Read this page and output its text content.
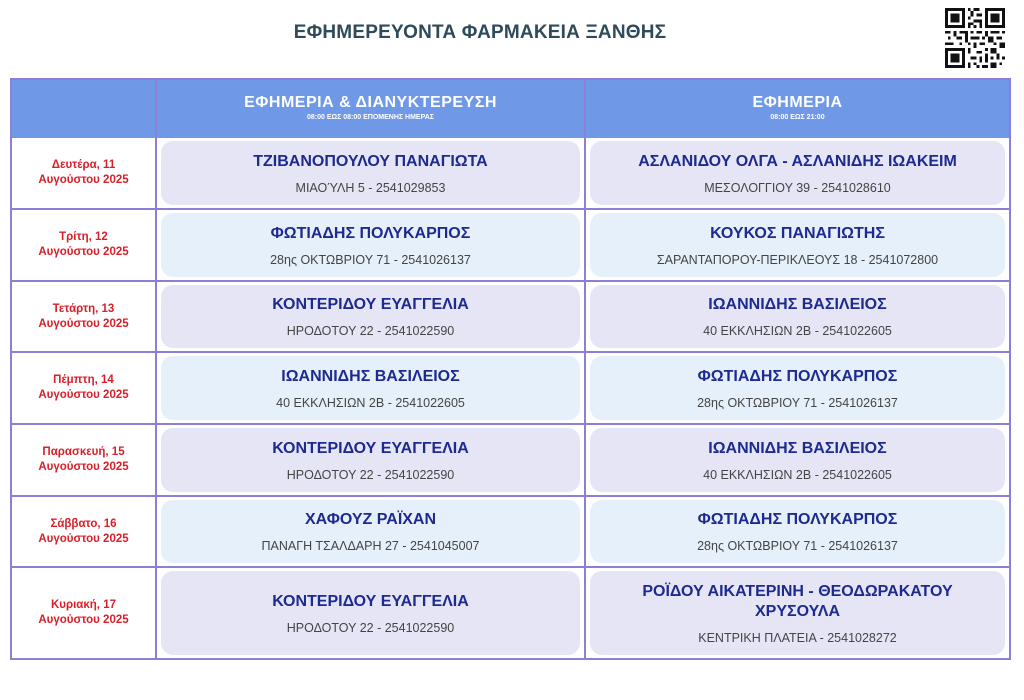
ΕΦΗΜΕΡΕΥΟΝΤΑ ΦΑΡΜΑΚΕΙΑ ΞΑΝΘΗΣ
ΕΦΗΜΕΡΙΑ & ΔΙΑΝΥΚΤΕΡΕΥΣΗ
08:00 ΕΩΣ 08:00 ΕΠΟΜΕΝΗΣ ΗΜΕΡΑΣ
ΕΦΗΜΕΡΙΑ
08:00 ΕΩΣ 21:00
Δευτέρα, 11
Αυγούστου 2025
ΤΖΙΒΑΝΟΠΟΥΛΟΥ ΠΑΝΑΓΙΩΤΑ
ΜΙΑΟΎΛΗ 5 - 2541029853
ΑΣΛΑΝΙΔΟΥ ΟΛΓΑ - ΑΣΛΑΝΙΔΗΣ ΙΩΑΚΕΙΜ
ΜΕΣΟΛΟΓΓΙΟΥ 39 - 2541028610
Τρίτη, 12
Αυγούστου 2025
ΦΩΤΙΑΔΗΣ ΠΟΛΥΚΑΡΠΟΣ
28ης ΟΚΤΩΒΡΙΟΥ 71 - 2541026137
ΚΟΥΚΟΣ ΠΑΝΑΓΙΩΤΗΣ
ΣΑΡΑΝΤΑΠΟΡΟΥ-ΠΕΡΙΚΛΕΟΥΣ 18 - 2541072800
Τετάρτη, 13
Αυγούστου 2025
ΚΟΝΤΕΡΙΔΟΥ ΕΥΑΓΓΕΛΙΑ
ΗΡΟΔΟΤΟΥ 22 - 2541022590
ΙΩΑΝΝΙΔΗΣ ΒΑΣΙΛΕΙΟΣ
40 ΕΚΚΛΗΣΙΩΝ 2Β - 2541022605
Πέμπτη, 14
Αυγούστου 2025
ΙΩΑΝΝΙΔΗΣ ΒΑΣΙΛΕΙΟΣ
40 ΕΚΚΛΗΣΙΩΝ 2Β - 2541022605
ΦΩΤΙΑΔΗΣ ΠΟΛΥΚΑΡΠΟΣ
28ης ΟΚΤΩΒΡΙΟΥ 71 - 2541026137
Παρασκευή, 15
Αυγούστου 2025
ΚΟΝΤΕΡΙΔΟΥ ΕΥΑΓΓΕΛΙΑ
ΗΡΟΔΟΤΟΥ 22 - 2541022590
ΙΩΑΝΝΙΔΗΣ ΒΑΣΙΛΕΙΟΣ
40 ΕΚΚΛΗΣΙΩΝ 2Β - 2541022605
Σάββατο, 16
Αυγούστου 2025
ΧΑΦΟΥΖ ΡΑΪΧΑΝ
ΠΑΝΑΓΗ ΤΣΑΛΔΑΡΗ 27 - 2541045007
ΦΩΤΙΑΔΗΣ ΠΟΛΥΚΑΡΠΟΣ
28ης ΟΚΤΩΒΡΙΟΥ 71 - 2541026137
Κυριακή, 17
Αυγούστου 2025
ΚΟΝΤΕΡΙΔΟΥ ΕΥΑΓΓΕΛΙΑ
ΗΡΟΔΟΤΟΥ 22 - 2541022590
ΡΟΪΔΟΥ ΑΙΚΑΤΕΡΙΝΗ - ΘΕΟΔΩΡΑΚΑΤΟΥ ΧΡΥΣΟΥΛΑ
ΚΕΝΤΡΙΚΗ ΠΛΑΤΕΙΑ - 2541028272
